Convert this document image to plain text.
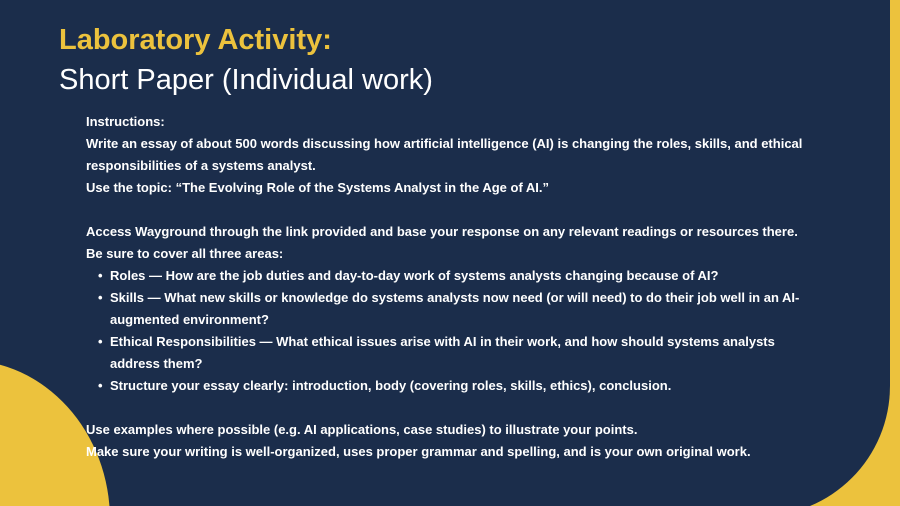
Laboratory Activity:
Short Paper (Individual work)

Instructions:

Write an essay of about 500 words discussing how artificial intelligence (AI) is changing the roles, skills, and ethical responsibilities of a systems analyst.

Use the topic: “The Evolving Role of the Systems Analyst in the Age of AI.”

Access Wayground through the link provided and base your response on any relevant readings or resources there.

Be sure to cover all three areas:

• Roles — How are the job duties and day-to-day work of systems analysts changing because of AI?
• Skills — What new skills or knowledge do systems analysts now need (or will need) to do their job well in an AI-augmented environment?
• Ethical Responsibilities — What ethical issues arise with AI in their work, and how should systems analysts address them?
• Structure your essay clearly: introduction, body (covering roles, skills, ethics), conclusion.

Use examples where possible (e.g. AI applications, case studies) to illustrate your points.

Make sure your writing is well-organized, uses proper grammar and spelling, and is your own original work.
